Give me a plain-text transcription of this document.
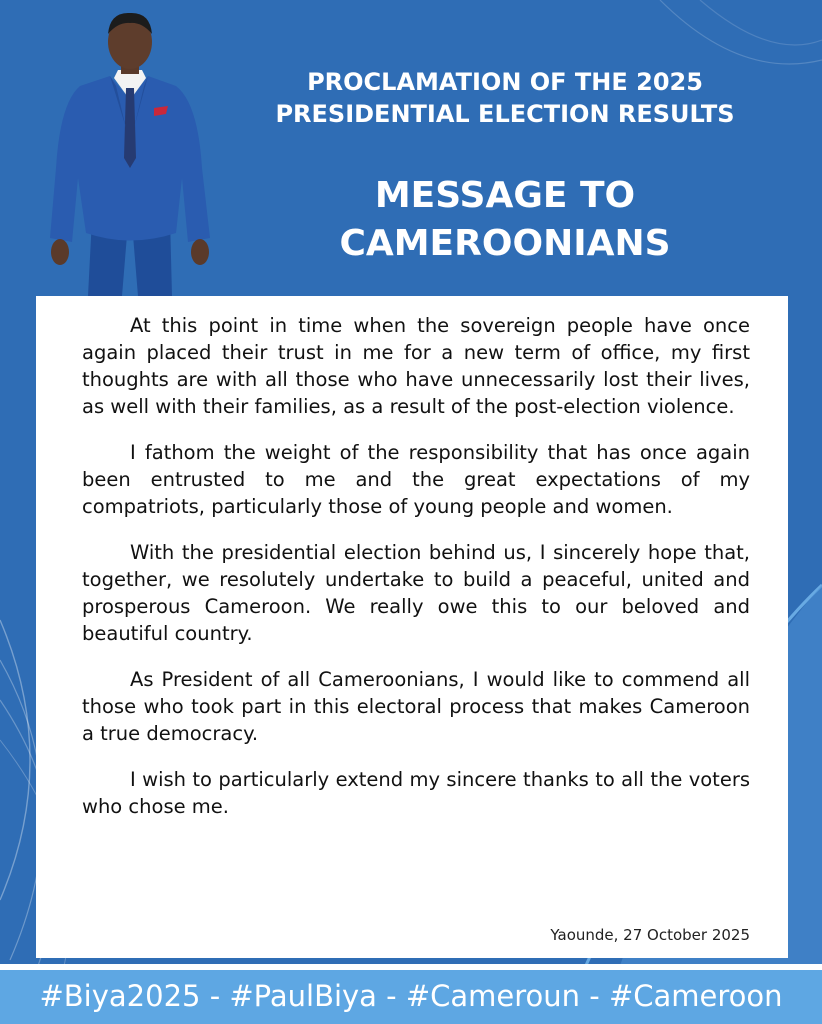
PROCLAMATION OF THE 2025
PRESIDENTIAL ELECTION RESULTS
MESSAGE TO
CAMEROONIANS

At this point in time when the sovereign people have once again placed their trust in me for a new term of office, my first thoughts are with all those who have unnecessarily lost their lives, as well with their families, as a result of the post-election violence.

I fathom the weight of the responsibility that has once again been entrusted to me and the great expectations of my compatriots, particularly those of young people and women.

With the presidential election behind us, I sincerely hope that, together, we resolutely undertake to build a peaceful, united and prosperous Cameroon. We really owe this to our beloved and beautiful country.

As President of all Cameroonians, I would like to commend all those who took part in this electoral process that makes Cameroon a true democracy.

I wish to particularly extend my sincere thanks to all the voters who chose me.

Yaounde, 27 October 2025
#Biya2025 - #PaulBiya - #Cameroun - #Cameroon
